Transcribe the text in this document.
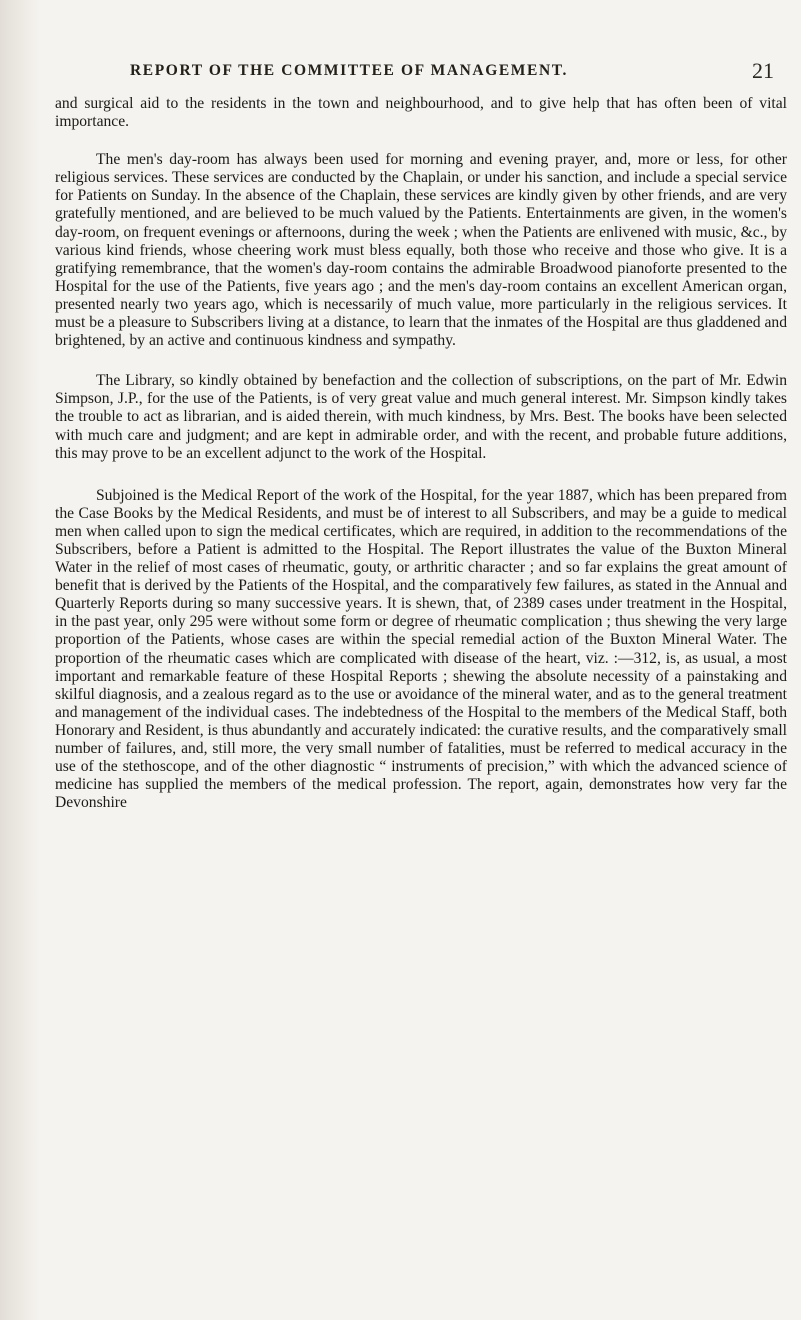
REPORT OF THE COMMITTEE OF MANAGEMENT.	21

and surgical aid to the residents in the town and neighbourhood, and to give help that has often been of vital importance.

The men's day-room has always been used for morning and evening prayer, and, more or less, for other religious services. These services are conducted by the Chaplain, or under his sanction, and include a special service for Patients on Sunday. In the absence of the Chaplain, these services are kindly given by other friends, and are very gratefully mentioned, and are believed to be much valued by the Patients. Entertainments are given, in the women's day-room, on frequent evenings or afternoons, during the week ; when the Patients are enlivened with music, &c., by various kind friends, whose cheering work must bless equally, both those who receive and those who give. It is a gratifying remembrance, that the women's day-room contains the admirable Broadwood pianoforte presented to the Hospital for the use of the Patients, five years ago ; and the men's day-room contains an excellent American organ, presented nearly two years ago, which is necessarily of much value, more particularly in the religious services. It must be a pleasure to Subscribers living at a distance, to learn that the inmates of the Hospital are thus gladdened and brightened, by an active and continuous kindness and sympathy.

The Library, so kindly obtained by benefaction and the collection of subscriptions, on the part of Mr. Edwin Simpson, J.P., for the use of the Patients, is of very great value and much general interest. Mr. Simpson kindly takes the trouble to act as librarian, and is aided therein, with much kindness, by Mrs. Best. The books have been selected with much care and judgment; and are kept in admirable order, and with the recent, and probable future additions, this may prove to be an excellent adjunct to the work of the Hospital.

Subjoined is the Medical Report of the work of the Hospital, for the year 1887, which has been prepared from the Case Books by the Medical Residents, and must be of interest to all Subscribers, and may be a guide to medical men when called upon to sign the medical certificates, which are required, in addition to the recommendations of the Subscribers, before a Patient is admitted to the Hospital. The Report illustrates the value of the Buxton Mineral Water in the relief of most cases of rheumatic, gouty, or arthritic character ; and so far explains the great amount of benefit that is derived by the Patients of the Hospital, and the comparatively few failures, as stated in the Annual and Quarterly Reports during so many successive years. It is shewn, that, of 2389 cases under treatment in the Hospital, in the past year, only 295 were without some form or degree of rheumatic complication ; thus shewing the very large proportion of the Patients, whose cases are within the special remedial action of the Buxton Mineral Water. The proportion of the rheumatic cases which are complicated with disease of the heart, viz. :—312, is, as usual, a most important and remarkable feature of these Hospital Reports ; shewing the absolute necessity of a painstaking and skilful diagnosis, and a zealous regard as to the use or avoidance of the mineral water, and as to the general treatment and management of the individual cases. The indebtedness of the Hospital to the members of the Medical Staff, both Honorary and Resident, is thus abundantly and accurately indicated: the curative results, and the comparatively small number of failures, and, still more, the very small number of fatalities, must be referred to medical accuracy in the use of the stethoscope, and of the other diagnostic “ instruments of precision,” with which the advanced science of medicine has supplied the members of the medical profession. The report, again, demonstrates how very far the Devonshire
